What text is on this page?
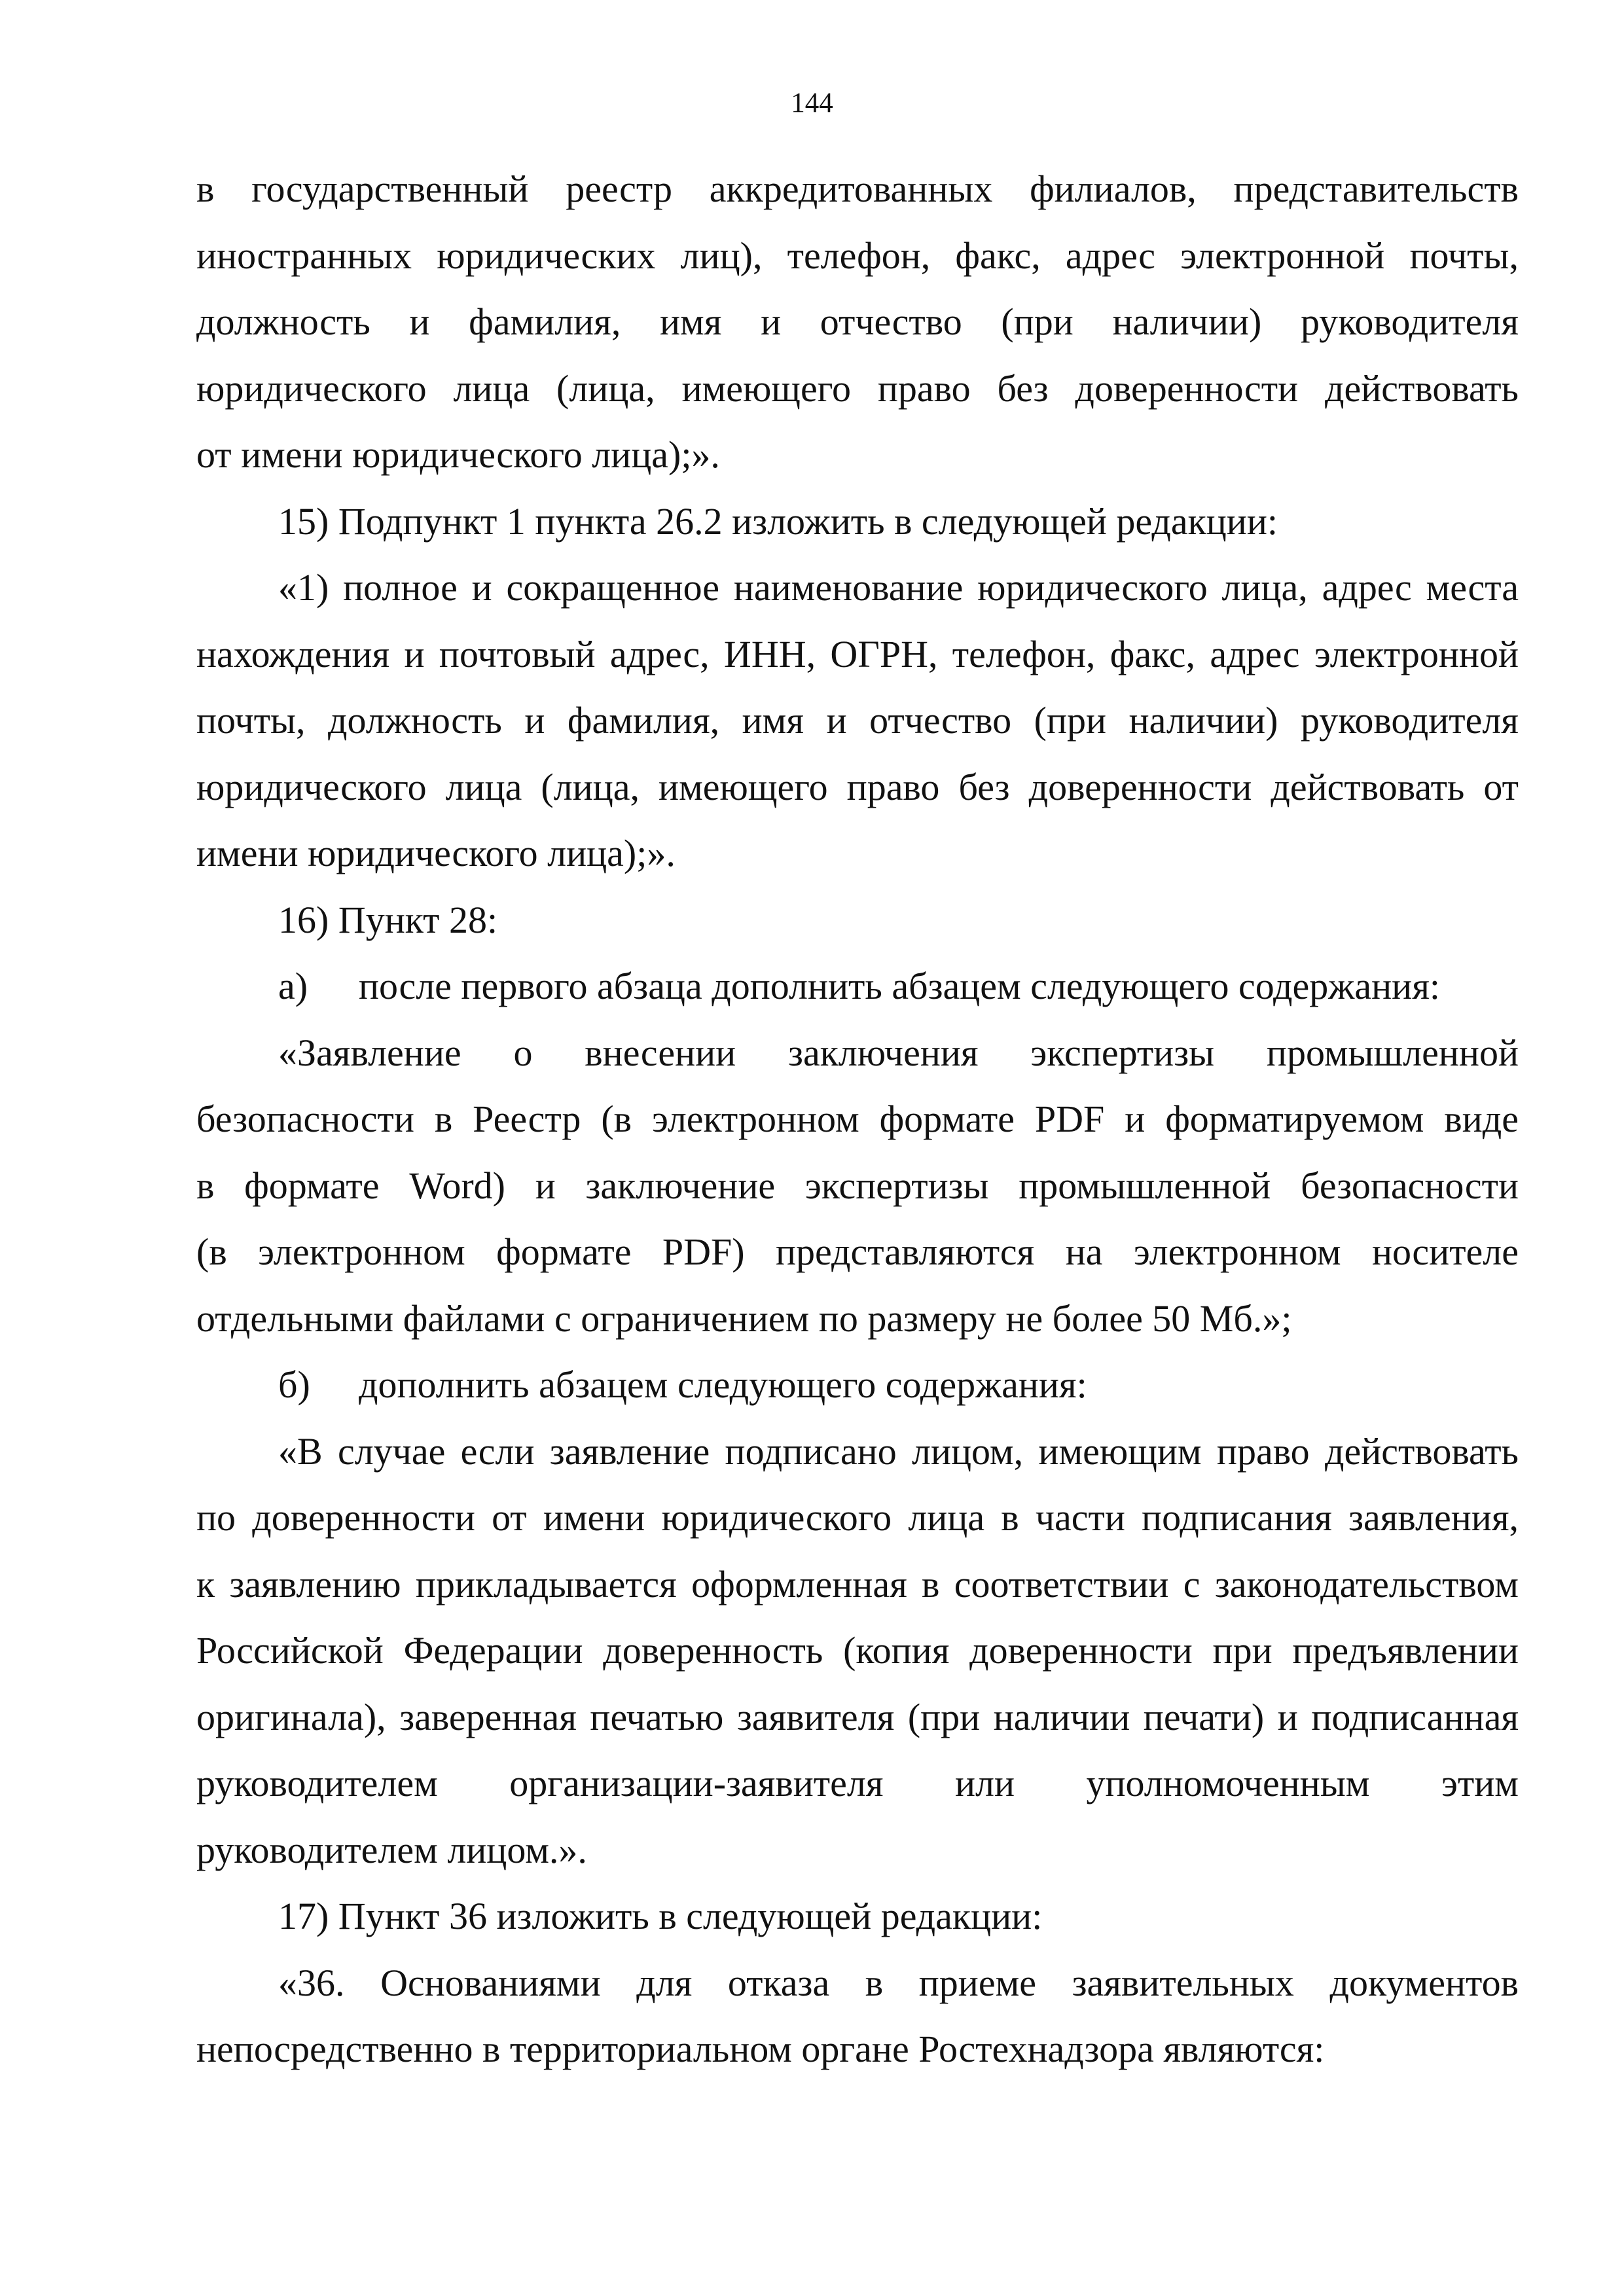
144
в государственный реестр аккредитованных филиалов, представительств
иностранных юридических лиц), телефон, факс, адрес электронной почты,
должность и фамилия, имя и отчество (при наличии) руководителя
юридического лица (лица, имеющего право без доверенности действовать
от имени юридического лица);».
15) Подпункт 1 пункта 26.2 изложить в следующей редакции:
«1) полное и сокращенное наименование юридического лица, адрес места
нахождения и почтовый адрес, ИНН, ОГРН, телефон, факс, адрес электронной
почты, должность и фамилия, имя и отчество (при наличии) руководителя
юридического лица (лица, имеющего право без доверенности действовать от
имени юридического лица);».
16) Пункт 28:
а) после первого абзаца дополнить абзацем следующего содержания:
«Заявление о внесении заключения экспертизы промышленной
безопасности в Реестр (в электронном формате PDF и форматируемом виде
в формате Word) и заключение экспертизы промышленной безопасности
(в электронном формате PDF) представляются на электронном носителе
отдельными файлами с ограничением по размеру не более 50 Мб.»;
б) дополнить абзацем следующего содержания:
«В случае если заявление подписано лицом, имеющим право действовать
по доверенности от имени юридического лица в части подписания заявления,
к заявлению прикладывается оформленная в соответствии с законодательством
Российской Федерации доверенность (копия доверенности при предъявлении
оригинала), заверенная печатью заявителя (при наличии печати) и подписанная
руководителем организации-заявителя или уполномоченным этим
руководителем лицом.».
17) Пункт 36 изложить в следующей редакции:
«36. Основаниями для отказа в приеме заявительных документов
непосредственно в территориальном органе Ростехнадзора являются:
